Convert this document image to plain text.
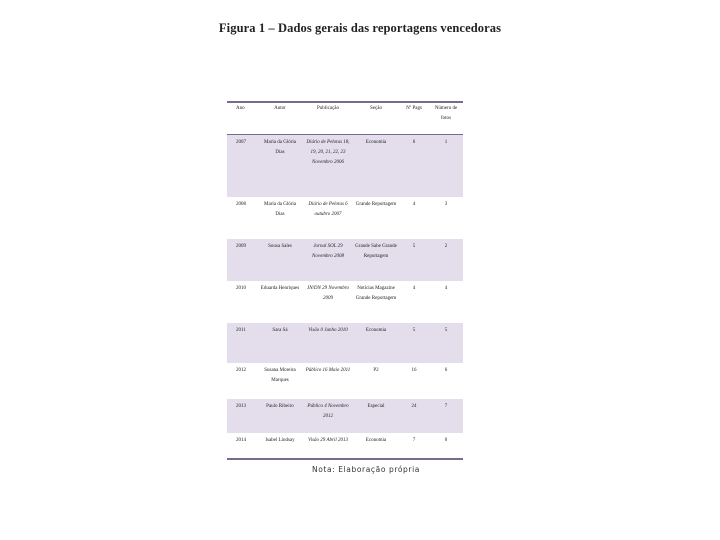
Figura 1 – Dados gerais das reportagens vencedoras
Ano	Autor	Publicação	Seção	Nº Pags	Número de fotos
2007	Maria da Glória Dias	Diário de Pelotas 18, 19, 20, 21, 22, 23 Novembro 2006	Economia	6	1
2008	Maria da Glória Dias	Diário de Pelotas 6 outubro 2007	Grande Reportagem	4	3
2009	Sousa Sales	Jornal SOL 29 Novembro 2008	Grande Sabe Grande Reportagem	5	2
2010	Eduarda Henriques	JN/DN 29 Novembro 2009	Notícias Magazine Grande Reportagem	4	4
2011	Sara Sá	Visão 0 Junho 2010	Economia	5	5
2012	Susana Moreira Marques	Público 16 Maio 2011	P2	16	6
2013	Paulo Ribeiro	Público 4 Novembro 2012	Especial	24	7
2014	Isabel Lindsay	Visão 29 Abril 2013	Economia	7	0
Nota: Elaboração própria
